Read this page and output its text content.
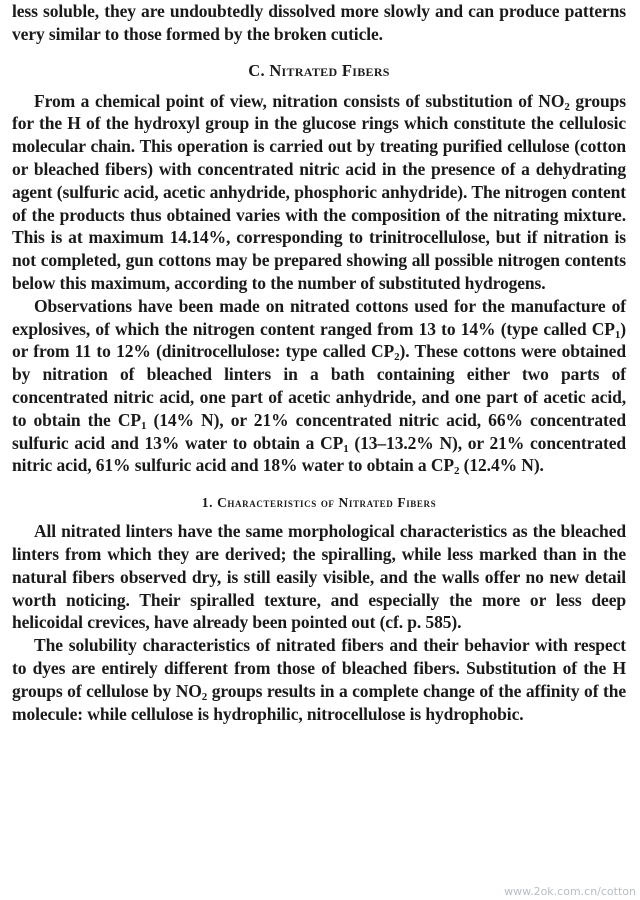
less soluble, they are undoubtedly dissolved more slowly and can produce patterns very similar to those formed by the broken cuticle.

C. Nitrated Fibers

From a chemical point of view, nitration consists of substitution of $NO_2$ groups for the H of the hydroxyl group in the glucose rings which constitute the cellulosic molecular chain. This operation is carried out by treating purified cellulose (cotton or bleached fibers) with concentrated nitric acid in the presence of a dehydrating agent (sulfuric acid, acetic anhydride, phosphoric anhydride). The nitrogen content of the products thus obtained varies with the composition of the nitrating mixture. This is at maximum 14.14%, corresponding to trinitrocellulose, but if nitration is not completed, gun cottons may be prepared showing all possible nitrogen contents below this maximum, according to the number of substituted hydrogens.

Observations have been made on nitrated cottons used for the manufacture of explosives, of which the nitrogen content ranged from 13 to 14% (type called $CP_1$) or from 11 to 12% (dinitrocellulose: type called $CP_2$). These cottons were obtained by nitration of bleached linters in a bath containing either two parts of concentrated nitric acid, one part of acetic anhydride, and one part of acetic acid, to obtain the $CP_1$ (14% N), or 21% concentrated nitric acid, 66% concentrated sulfuric acid and 13% water to obtain a $CP_1$ (13–13.2% N), or 21% concentrated nitric acid, 61% sulfuric acid and 18% water to obtain a $CP_2$ (12.4% N).

1. Characteristics of Nitrated Fibers

All nitrated linters have the same morphological characteristics as the bleached linters from which they are derived; the spiralling, while less marked than in the natural fibers observed dry, is still easily visible, and the walls offer no new detail worth noticing. Their spiralled texture, and especially the more or less deep helicoidal crevices, have already been pointed out (cf. p. 585).

The solubility characteristics of nitrated fibers and their behavior with respect to dyes are entirely different from those of bleached fibers. Substitution of the H groups of cellulose by $NO_2$ groups results in a complete change of the affinity of the molecule: while cellulose is hydrophilic, nitrocellulose is hydrophobic.

www.2ok.com.cn/cotton
